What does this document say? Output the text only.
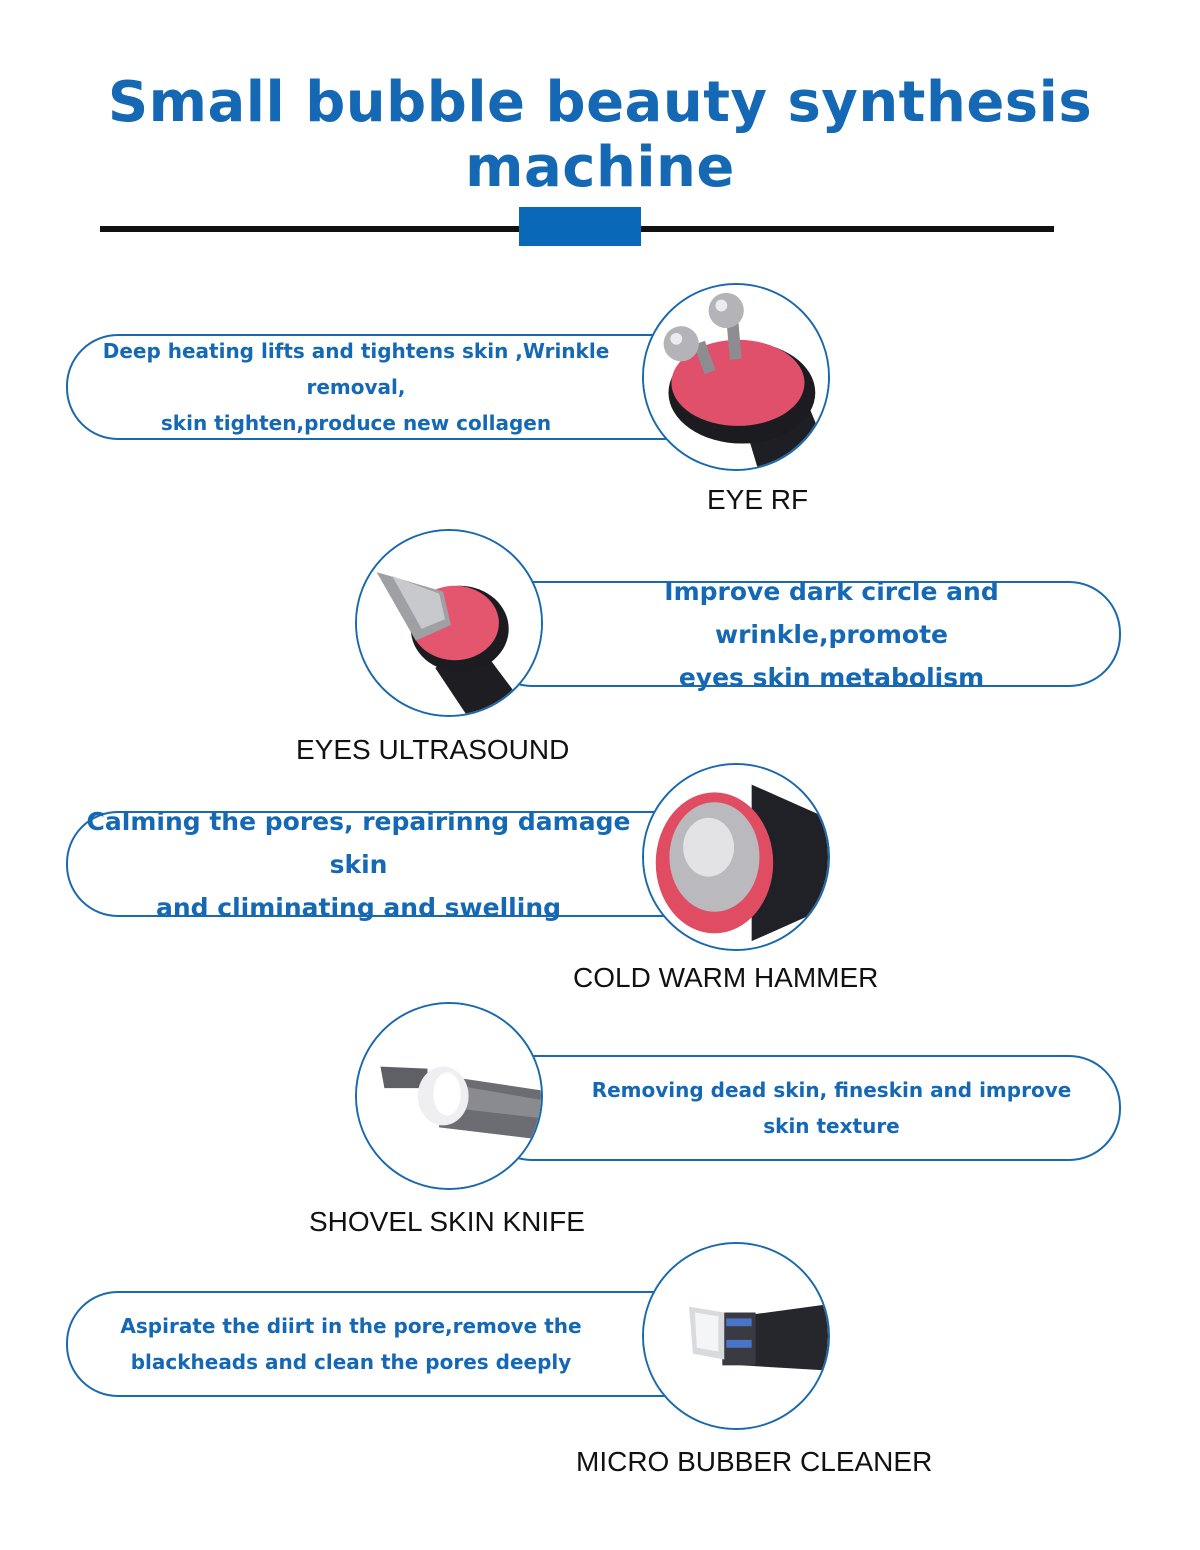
Small bubble beauty synthesis machine
Deep heating lifts and tightens skin ,Wrinkle removal,
skin tighten,produce new collagen
EYE RF
Improve dark circle and wrinkle,promote
eyes skin metabolism
EYES ULTRASOUND
Calming the pores, repairinng damage skin
and climinating and swelling
COLD WARM HAMMER
Removing dead skin, fineskin and improve
skin texture
SHOVEL SKIN KNIFE
Aspirate the diirt in the pore,remove the
blackheads and clean the pores deeply
MICRO BUBBER CLEANER
